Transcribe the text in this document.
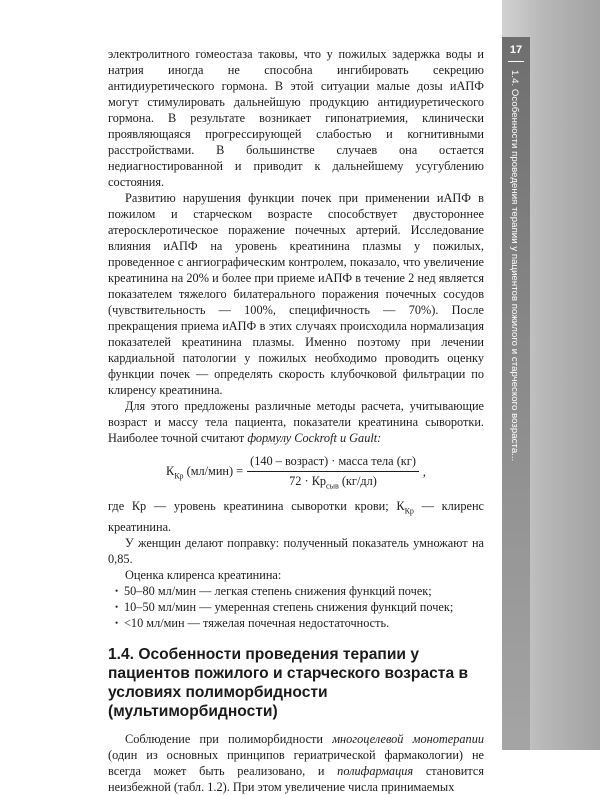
17
1.4. Особенности проведения терапии у пациентов пожилого и старческого возраста...

электролитного гомеостаза таковы, что у пожилых задержка воды и натрия иногда не способна ингибировать секрецию антидиуретического гормона. В этой ситуации малые дозы иАПФ могут стимулировать дальнейшую продукцию антидиуретического гормона. В результате возникает гипонатриемия, клинически проявляющаяся прогрессирующей слабостью и когнитивными расстройствами. В большинстве случаев она остается недиагностированной и приводит к дальнейшему усугублению состояния.

Развитию нарушения функции почек при применении иАПФ в пожилом и старческом возрасте способствует двустороннее атеросклеротическое поражение почечных артерий. Исследование влияния иАПФ на уровень креатинина плазмы у пожилых, проведенное с ангиографическим контролем, показало, что увеличение креатинина на 20% и более при приеме иАПФ в течение 2 нед является показателем тяжелого билатерального поражения почечных сосудов (чувствительность — 100%, специфичность — 70%). После прекращения приема иАПФ в этих случаях происходила нормализация показателей креатинина плазмы. Именно поэтому при лечении кардиальной патологии у пожилых необходимо проводить оценку функции почек — определять скорость клубочковой фильтрации по клиренсу креатинина.

Для этого предложены различные методы расчета, учитывающие возраст и массу тела пациента, показатели креатинина сыворотки. Наиболее точной считают формулу Cockroft и Gault:

$К_{Кр}$ $(мл/мин) = \frac{\text{(140 – возраст) · масса тела (кг)}}{72 \cdot Кр_{сыв} (кг/дл)}$ ,

где Кр — уровень креатинина сыворотки крови; $К_{Кр}$ — клиренс креатинина.

У женщин делают поправку: полученный показатель умножают на 0,85.

Оценка клиренса креатинина:

• 50–80 мл/мин — легкая степень снижения функций почек;
• 10–50 мл/мин — умеренная степень снижения функций почек;
• <10 мл/мин — тяжелая почечная недостаточность.
1.4. Особенности проведения терапии у пациентов пожилого и старческого возраста в условиях полиморбидности (мультиморбидности)

Соблюдение при полиморбидности многоцелевой монотерапии (один из основных принципов гериатрической фармакологии) не всегда может быть реализовано, и полифармация становится неизбежной (табл. 1.2). При этом увеличение числа принимаемых
